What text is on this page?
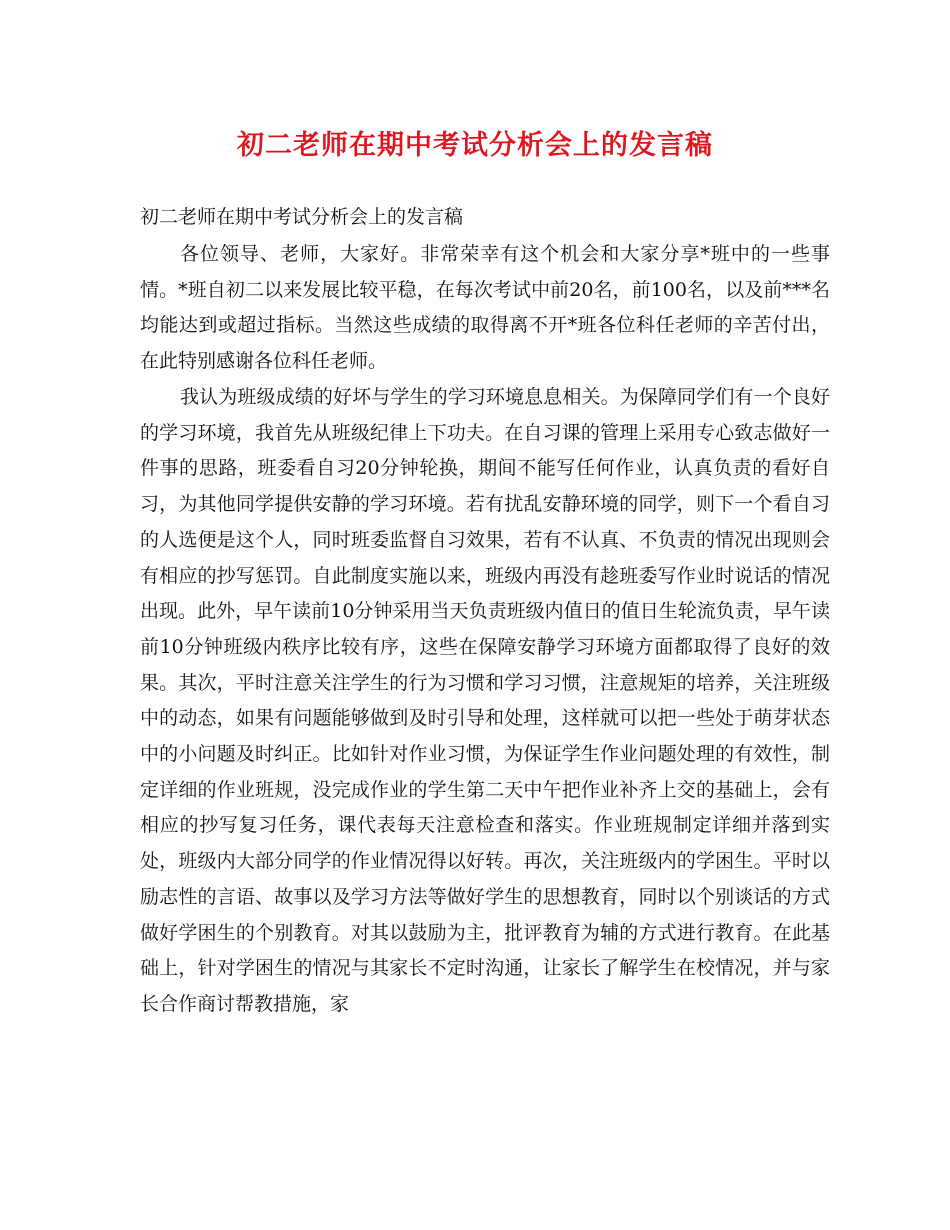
初二老师在期中考试分析会上的发言稿
初二老师在期中考试分析会上的发言稿

各位领导、老师，大家好。非常荣幸有这个机会和大家分享*班中的一些事情。*班自初二以来发展比较平稳，在每次考试中前20名，前100名，以及前***名均能达到或超过指标。当然这些成绩的取得离不开*班各位科任老师的辛苦付出，在此特别感谢各位科任老师。

我认为班级成绩的好坏与学生的学习环境息息相关。为保障同学们有一个良好的学习环境，我首先从班级纪律上下功夫。在自习课的管理上采用专心致志做好一件事的思路，班委看自习20分钟轮换，期间不能写任何作业，认真负责的看好自习，为其他同学提供安静的学习环境。若有扰乱安静环境的同学，则下一个看自习的人选便是这个人，同时班委监督自习效果，若有不认真、不负责的情况出现则会有相应的抄写惩罚。自此制度实施以来，班级内再没有趁班委写作业时说话的情况出现。此外，早午读前10分钟采用当天负责班级内值日的值日生轮流负责，早午读前10分钟班级内秩序比较有序，这些在保障安静学习环境方面都取得了良好的效果。其次，平时注意关注学生的行为习惯和学习习惯，注意规矩的培养，关注班级中的动态，如果有问题能够做到及时引导和处理，这样就可以把一些处于萌芽状态中的小问题及时纠正。比如针对作业习惯，为保证学生作业问题处理的有效性，制定详细的作业班规，没完成作业的学生第二天中午把作业补齐上交的基础上，会有相应的抄写复习任务，课代表每天注意检查和落实。作业班规制定详细并落到实处，班级内大部分同学的作业情况得以好转。再次，关注班级内的学困生。平时以励志性的言语、故事以及学习方法等做好学生的思想教育，同时以个别谈话的方式做好学困生的个别教育。对其以鼓励为主，批评教育为辅的方式进行教育。在此基础上，针对学困生的情况与其家长不定时沟通，让家长了解学生在校情况，并与家长合作商讨帮教措施，家
